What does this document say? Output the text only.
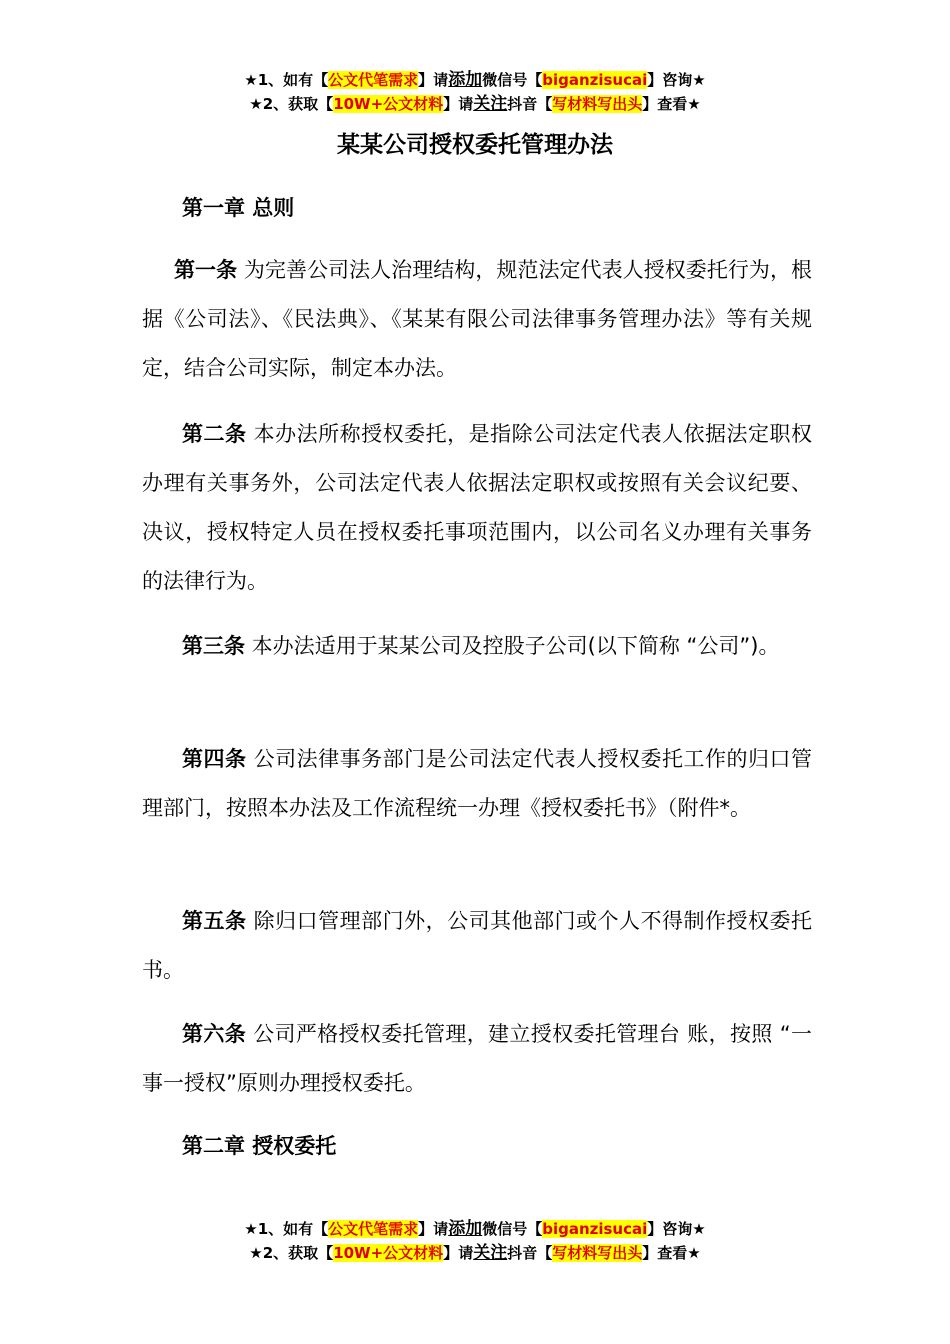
★1、如有【公文代笔需求】请添加微信号【biganzisucai】咨询★
★2、获取【10W+公文材料】请关注抖音【写材料写出头】查看★
某某公司授权委托管理办法
第一章 总则
第一条 为完善公司法人治理结构，规范法定代表人授权委托行为，根据《公司法》、《民法典》、《某某有限公司法律事务管理办法》等有关规定，结合公司实际，制定本办法。
第二条 本办法所称授权委托，是指除公司法定代表人依据法定职权办理有关事务外，公司法定代表人依据法定职权或按照有关会议纪要、决议，授权特定人员在授权委托事项范围内，以公司名义办理有关事务的法律行为。
第三条 本办法适用于某某公司及控股子公司(以下简称 “公司”)。
第四条 公司法律事务部门是公司法定代表人授权委托工作的归口管理部门，按照本办法及工作流程统一办理《授权委托书》（附件*。
第五条 除归口管理部门外，公司其他部门或个人不得制作授权委托书。
第六条 公司严格授权委托管理，建立授权委托管理台 账，按照 “一事一授权”原则办理授权委托。
第二章 授权委托
★1、如有【公文代笔需求】请添加微信号【biganzisucai】咨询★
★2、获取【10W+公文材料】请关注抖音【写材料写出头】查看★
